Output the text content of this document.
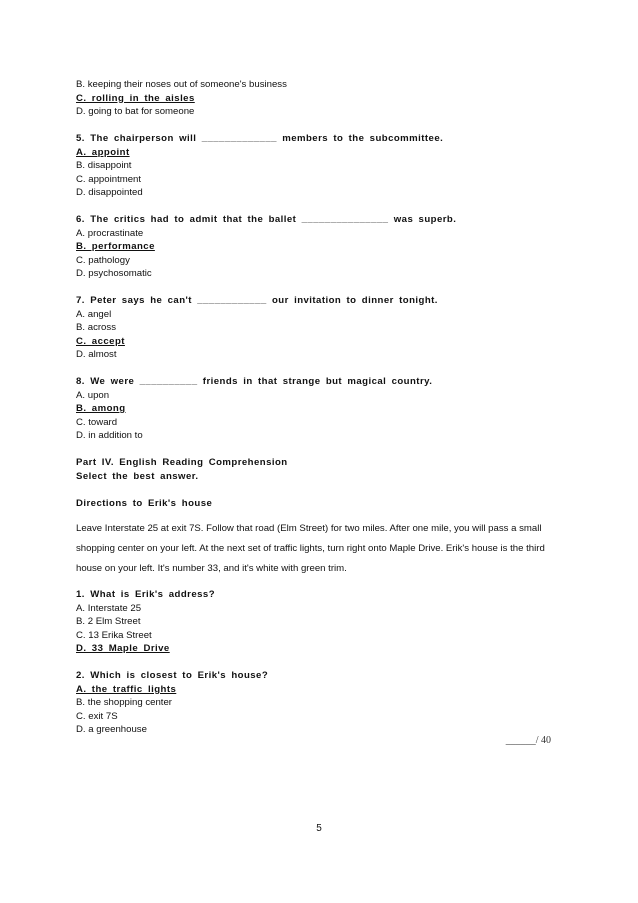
B. keeping their noses out of someone's business
C. rolling in the aisles
D. going to bat for someone
5. The chairperson will _____________ members to the subcommittee.
A. appoint
B. disappoint
C. appointment
D. disappointed
6. The critics had to admit that the ballet _______________ was superb.
A. procrastinate
B. performance
C. pathology
D. psychosomatic
7. Peter says he can't ____________ our invitation to dinner tonight.
A. angel
B. across
C. accept
D. almost
8. We were __________ friends in that strange but magical country.
A. upon
B. among
C. toward
D. in addition to
Part IV. English Reading Comprehension
Select the best answer.
Directions to Erik's house
Leave Interstate 25 at exit 7S. Follow that road (Elm Street) for two miles. After one mile, you will pass a small shopping center on your left. At the next set of traffic lights, turn right onto Maple Drive. Erik's house is the third house on your left. It's number 33, and it's white with green trim.
1. What is Erik's address?
A. Interstate 25
B. 2 Elm Street
C. 13 Erika Street
D. 33 Maple Drive
2. Which is closest to Erik's house?
A. the traffic lights
B. the shopping center
C. exit 7S
D. a greenhouse
______/ 40
5
